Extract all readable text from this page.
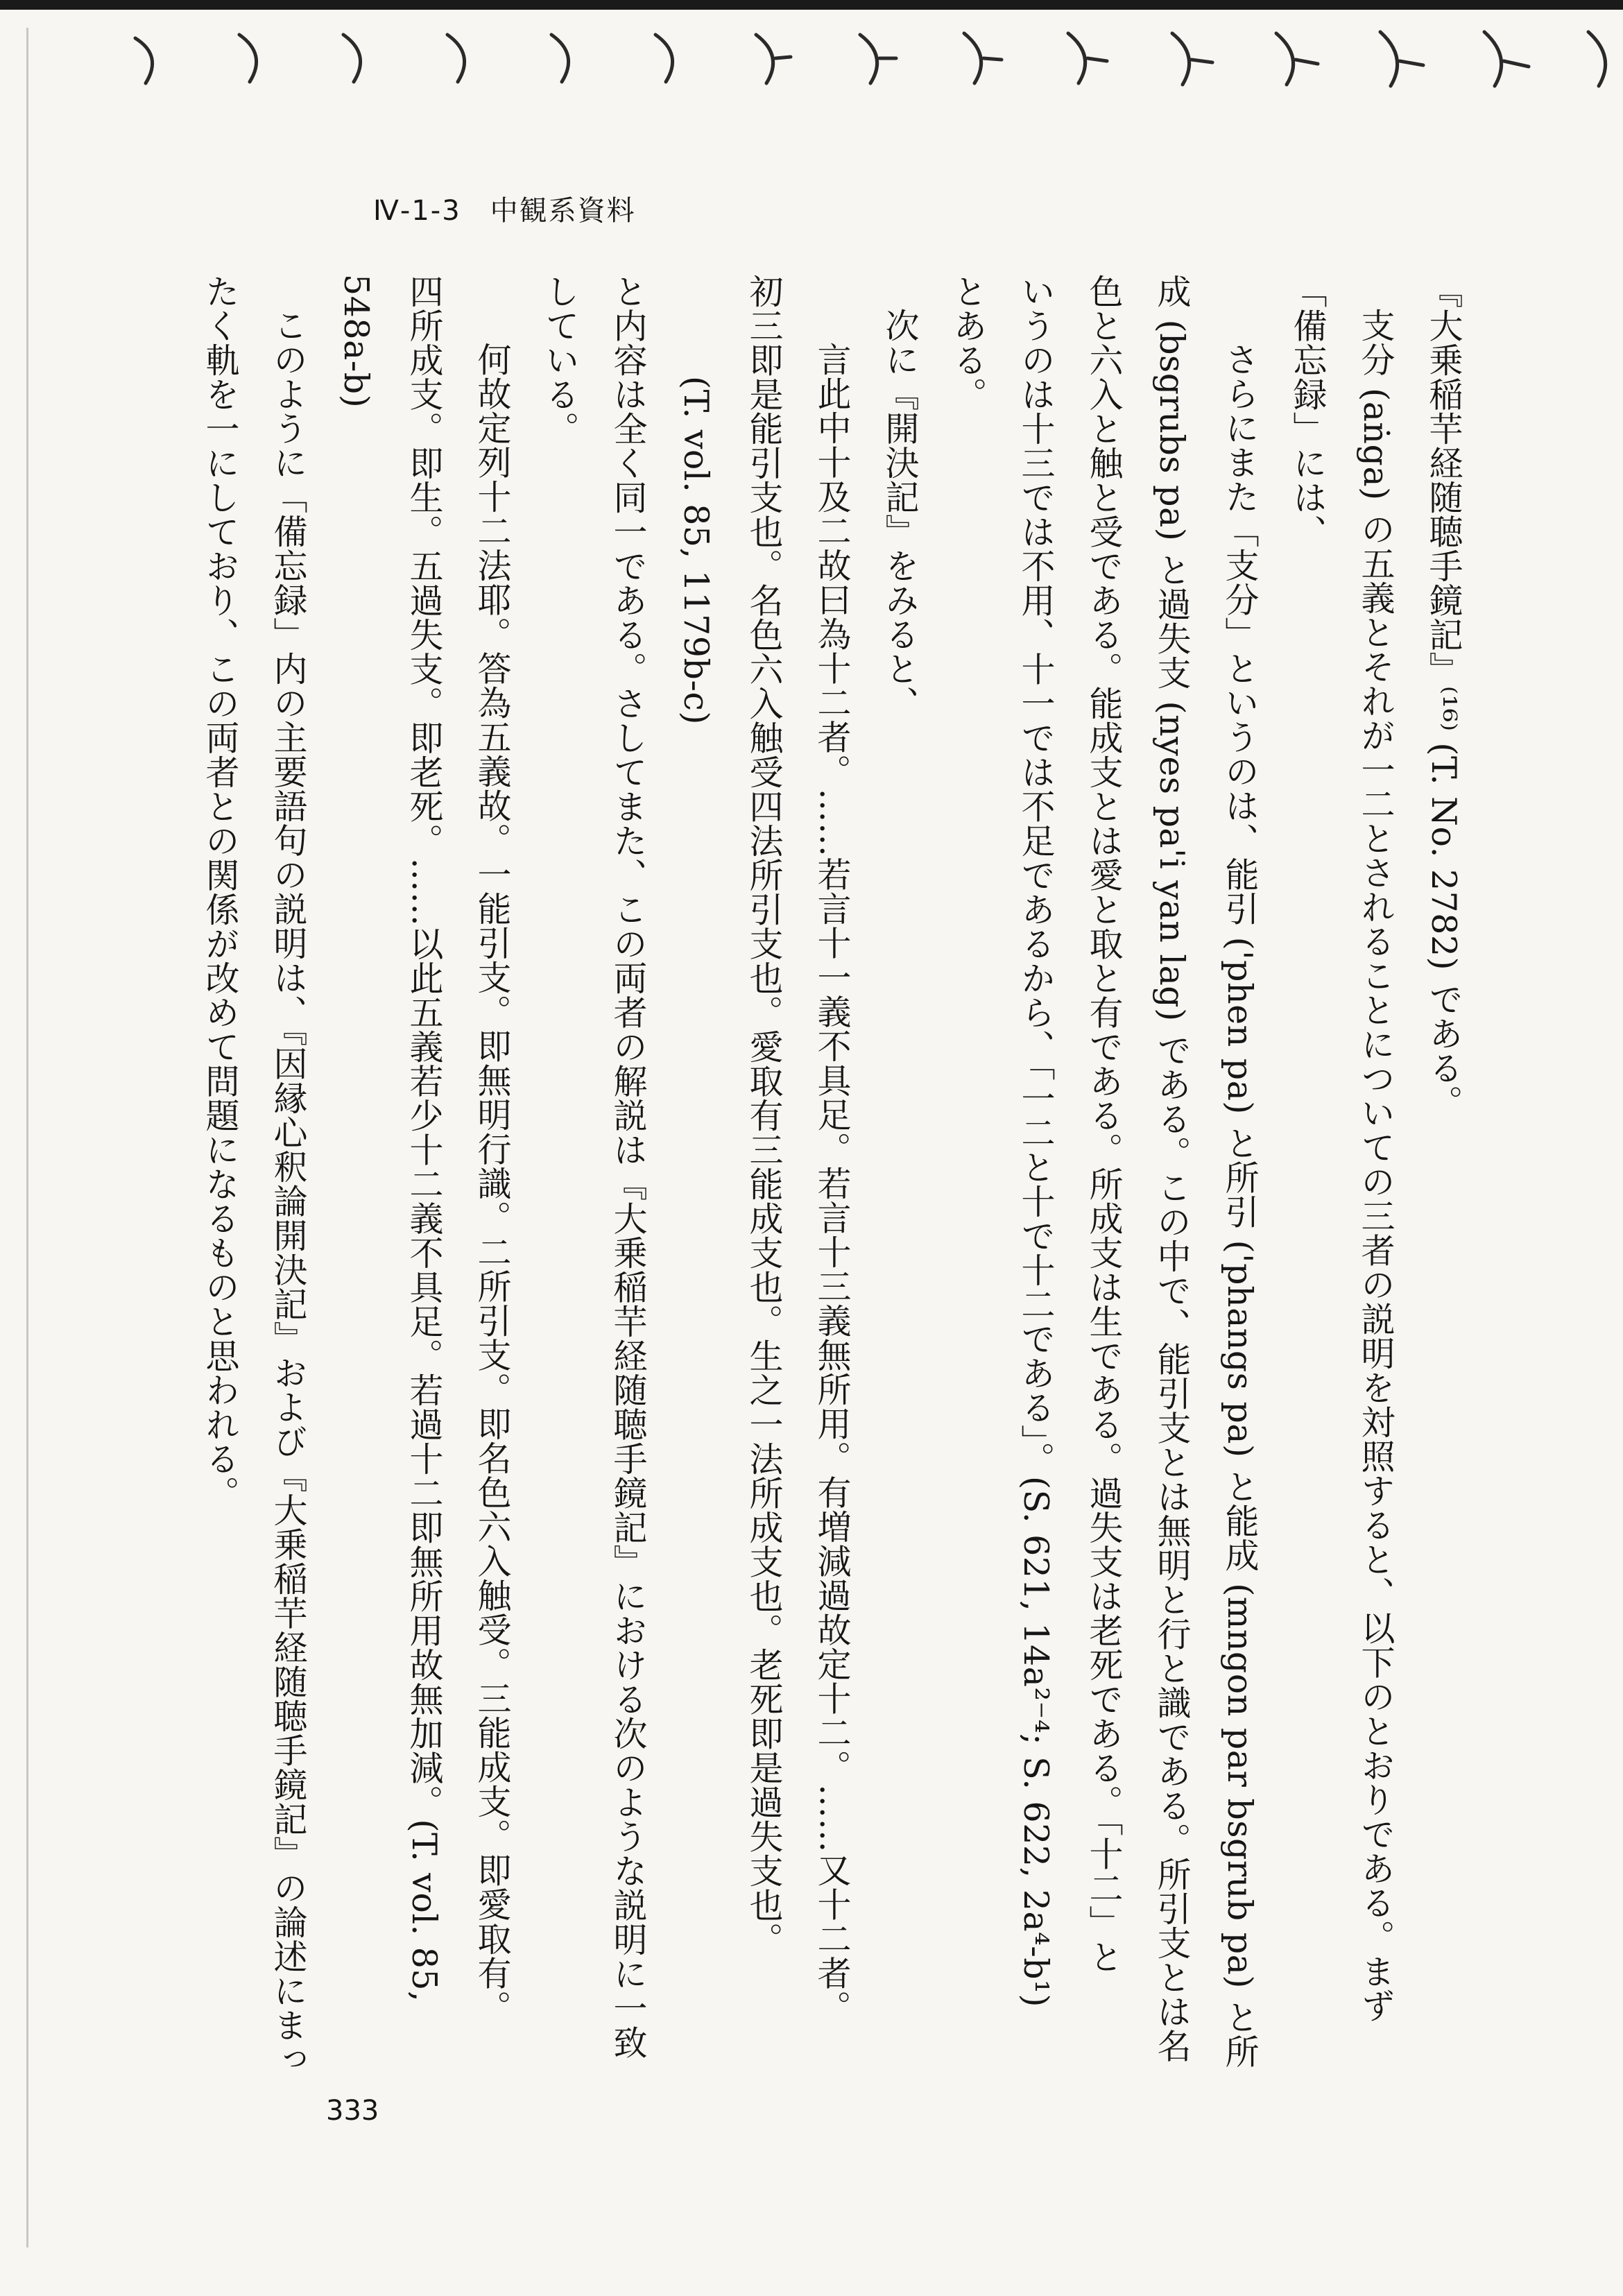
Ⅳ-1-3　中観系資料

『大乗稲芉経随聴手鏡記』⁽¹⁶⁾ (T. No. 2782) である。

支分 (aṅga) の五義とそれが一二とされることについての三者の説明を対照すると、以下のとおりである。まず

「備忘録」には、

さらにまた「支分」というのは、能引 ('phen pa) と所引 ('phangs pa) と能成 (mngon par bsgrub pa) と所

成 (bsgrubs pa) と過失支 (nyes pa'i yan lag) である。この中で、能引支とは無明と行と識である。所引支とは名

色と六入と触と受である。能成支とは愛と取と有である。所成支は生である。過失支は老死である。「十二」と

いうのは十三では不用、十一では不足であるから、「一二と十で十二である」。(S. 621, 14a²⁻⁴; S. 622, 2a⁴-b¹)

とある。

次に『開決記』をみると、

言此中十及二故曰為十二者。……若言十一義不具足。若言十三義無所用。有増減過故定十二。……又十二者。

初三即是能引支也。名色六入触受四法所引支也。愛取有三能成支也。生之一法所成支也。老死即是過失支也。

(T. vol. 85, 1179b-c)

と内容は全く同一である。さしてまた、この両者の解説は『大乗稲芉経随聴手鏡記』における次のような説明に一致

している。

何故定列十二法耶。答為五義故。一能引支。即無明行識。二所引支。即名色六入触受。三能成支。即愛取有。

四所成支。即生。五過失支。即老死。……以此五義若少十二義不具足。若過十二即無所用故無加減。(T. vol. 85,

548a-b)

このように「備忘録」内の主要語句の説明は、『因縁心釈論開決記』および『大乗稲芉経随聴手鏡記』の論述にまっ

たく軌を一にしており、この両者との関係が改めて問題になるものと思われる。

333
